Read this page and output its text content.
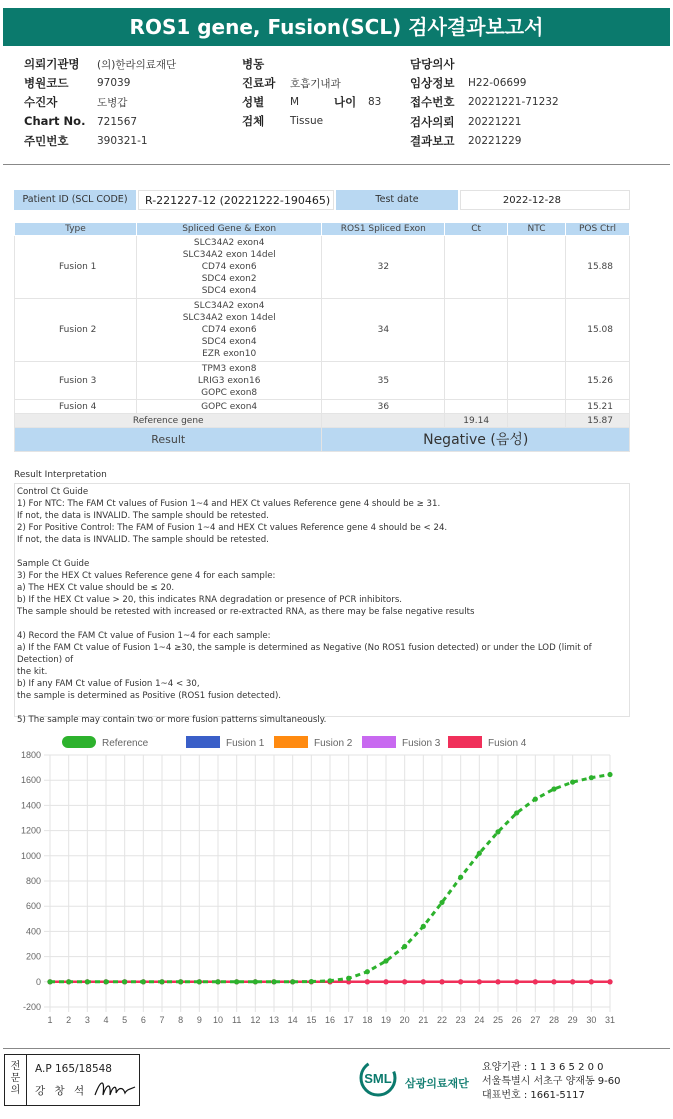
ROS1 gene, Fusion(SCL) 검사결과보고서
의뢰기관명 (의)한라의료재단
병원코드	97039
수진자	도병갑
Chart No. 721567
주민번호	390321-1
병동
진료과 호흡기내과
성별 M	나이 83
검체 Tissue
담당의사
임상정보 H22-06699
접수번호 20221221-71232
검사의뢰 20221221
결과보고 20221229
Patient ID (SCL CODE)	R-221227-12 (20221222-190465)	Test date	2022-12-28
Type	Spliced Gene & Exon	ROS1 Spliced Exon	Ct	NTC	POS Ctrl
Fusion 1	SLC34A2 exon4
SLC34A2 exon 14del
CD74 exon6
SDC4 exon2
SDC4 exon4	32			15.88
Fusion 2	SLC34A2 exon4
SLC34A2 exon 14del
CD74 exon6
SDC4 exon4
EZR exon10	34			15.08
Fusion 3	TPM3 exon8
LRIG3 exon16
GOPC exon8	35			15.26
Fusion 4	GOPC exon4	36			15.21
Reference gene			19.14		15.87
Result		Negative (음성)			
Result Interpretation
Control Ct Guide
1) For NTC: The FAM Ct values of Fusion 1~4 and HEX Ct values Reference gene 4 should be ≥ 31.
If not, the data is INVALID. The sample should be retested.
2) For Positive Control: The FAM of Fusion 1~4 and HEX Ct values Reference gene 4 should be < 24.
If not, the data is INVALID. The sample should be retested.
Sample Ct Guide
3) For the HEX Ct values Reference gene 4 for each sample:
a) The HEX Ct value should be ≤ 20.
b) If the HEX Ct value > 20, this indicates RNA degradation or presence of PCR inhibitors.
The sample should be retested with increased or re-extracted RNA, as there may be false negative results
4) Record the FAM Ct value of Fusion 1~4 for each sample:
a) If the FAM Ct value of Fusion 1~4 ≥30, the sample is determined as Negative (No ROS1 fusion detected) or under the LOD (limit of Detection) of
the kit.
b) If any FAM Ct value of Fusion 1~4 < 30,
the sample is determined as Positive (ROS1 fusion detected).
5) The sample may contain two or more fusion patterns simultaneously.
-200
0
200
400
600
800
1000
1200
1400
1600
1800
1 2 3 4 5 6 7 8 9 10 11 12 13 14 15 16 17 18 19 20 21 22 23 24 25 26 27 28 29 30 31
Reference	Fusion 1	Fusion 2	Fusion 3	Fusion 4
전
문
의
A.P 165/18548
강 창 석
SML 삼광의료재단
요양기관 : 1 1 3 6 5 2 0 0
서울특별시 서초구 양재동 9-60
대표번호 : 1661-5117
